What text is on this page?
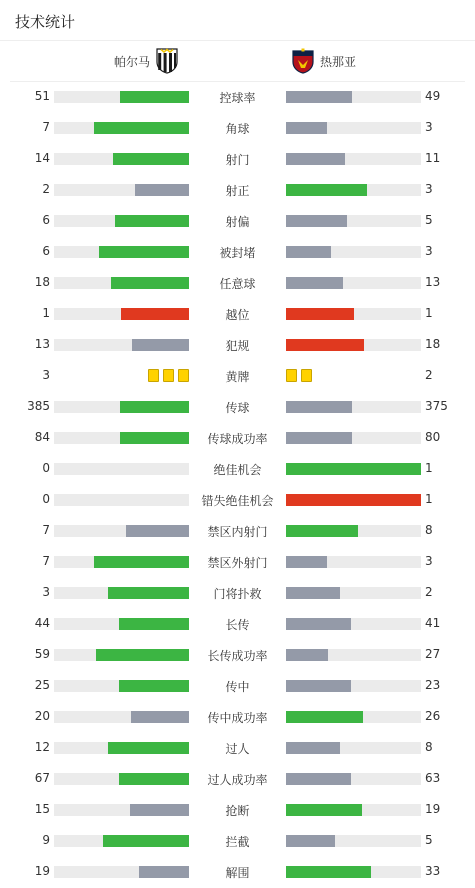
技术统计
帕尔马	热那亚
51	控球率	49
7	角球	3
14	射门	11
2	射正	3
6	射偏	5
6	被封堵	3
18	任意球	13
1	越位	1
13	犯规	18
3	黄牌	2
385	传球	375
84	传球成功率	80
0	绝佳机会	1
0	错失绝佳机会	1
7	禁区内射门	8
7	禁区外射门	3
3	门将扑救	2
44	长传	41
59	长传成功率	27
25	传中	23
20	传中成功率	26
12	过人	8
67	过人成功率	63
15	抢断	19
9	拦截	5
19	解围	33
